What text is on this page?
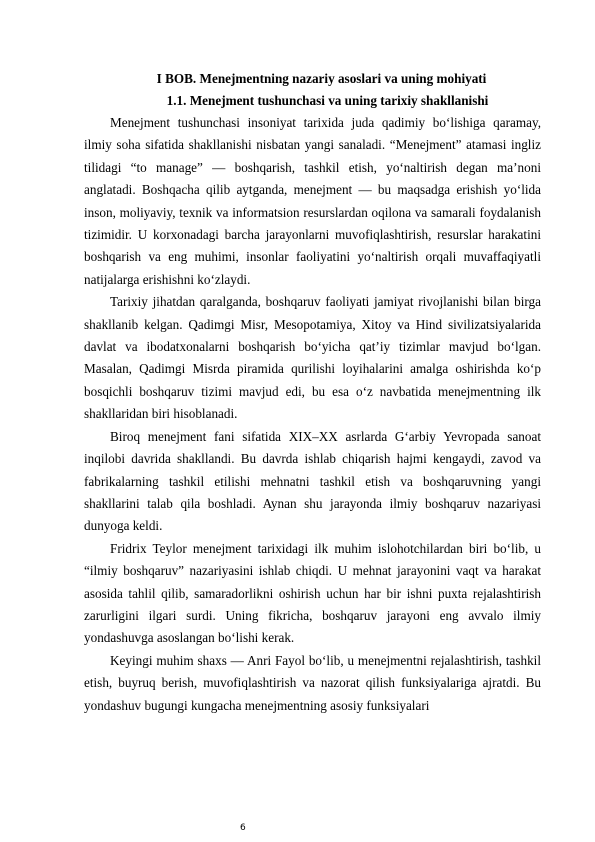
I BOB. Menejmentning nazariy asoslari va uning mohiyati

1.1. Menejment tushunchasi va uning tarixiy shakllanishi

Menejment tushunchasi insoniyat tarixida juda qadimiy bo‘lishiga qaramay, ilmiy soha sifatida shakllanishi nisbatan yangi sanaladi. “Menejment” atamasi ingliz tilidagi “to manage” — boshqarish, tashkil etish, yo‘naltirish degan ma’noni anglatadi. Boshqacha qilib aytganda, menejment — bu maqsadga erishish yo‘lida inson, moliyaviy, texnik va informatsion resurslardan oqilona va samarali foydalanish tizimidir. U korxonadagi barcha jarayonlarni muvofiqlashtirish, resurslar harakatini boshqarish va eng muhimi, insonlar faoliyatini yo‘naltirish orqali muvaffaqiyatli natijalarga erishishni ko‘zlaydi.

Tarixiy jihatdan qaralganda, boshqaruv faoliyati jamiyat rivojlanishi bilan birga shakllanib kelgan. Qadimgi Misr, Mesopotamiya, Xitoy va Hind sivilizatsiyalarida davlat va ibodatxonalarni boshqarish bo‘yicha qat’iy tizimlar mavjud bo‘lgan. Masalan, Qadimgi Misrda piramida qurilishi loyihalarini amalga oshirishda ko‘p bosqichli boshqaruv tizimi mavjud edi, bu esa o‘z navbatida menejmentning ilk shakllaridan biri hisoblanadi.

Biroq menejment fani sifatida XIX–XX asrlarda G‘arbiy Yevropada sanoat inqilobi davrida shakllandi. Bu davrda ishlab chiqarish hajmi kengaydi, zavod va fabrikalarning tashkil etilishi mehnatni tashkil etish va boshqaruvning yangi shakllarini talab qila boshladi. Aynan shu jarayonda ilmiy boshqaruv nazariyasi dunyoga keldi.

Fridrix Teylor menejment tarixidagi ilk muhim islohotchilardan biri bo‘lib, u “ilmiy boshqaruv” nazariyasini ishlab chiqdi. U mehnat jarayonini vaqt va harakat asosida tahlil qilib, samaradorlikni oshirish uchun har bir ishni puxta rejalashtirish zarurligini ilgari surdi. Uning fikricha, boshqaruv jarayoni eng avvalo ilmiy yondashuvga asoslangan bo‘lishi kerak.

Keyingi muhim shaxs — Anri Fayol bo‘lib, u menejmentni rejalashtirish, tashkil etish, buyruq berish, muvofiqlashtirish va nazorat qilish funksiyalariga ajratdi. Bu yondashuv bugungi kungacha menejmentning asosiy funksiyalari

6
